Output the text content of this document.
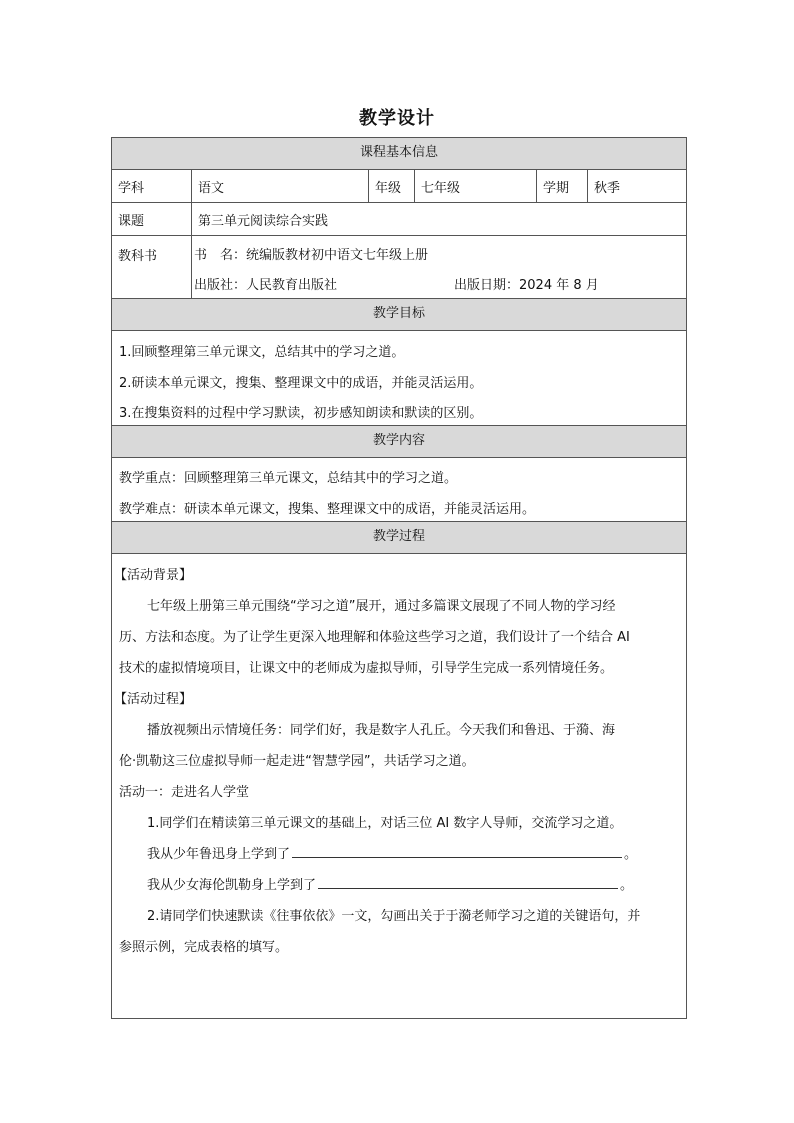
教学设计
课程基本信息
学科	语文	年级	七年级	学期	秋季
课题	第三单元阅读综合实践
教科书	书　名：统编版教材初中语文七年级上册
出版社：人民教育出版社	出版日期：2024 年 8 月
教学目标
1.回顾整理第三单元课文，总结其中的学习之道。
2.研读本单元课文，搜集、整理课文中的成语，并能灵活运用。
3.在搜集资料的过程中学习默读，初步感知朗读和默读的区别。
教学内容
教学重点：回顾整理第三单元课文，总结其中的学习之道。
教学难点：研读本单元课文，搜集、整理课文中的成语，并能灵活运用。
教学过程
【活动背景】
七年级上册第三单元围绕“学习之道”展开，通过多篇课文展现了不同人物的学习经
历、方法和态度。为了让学生更深入地理解和体验这些学习之道，我们设计了一个结合 AI
技术的虚拟情境项目，让课文中的老师成为虚拟导师，引导学生完成一系列情境任务。
【活动过程】
播放视频出示情境任务：同学们好，我是数字人孔丘。今天我们和鲁迅、于漪、海
伦·凯勒这三位虚拟导师一起走进“智慧学园”，共话学习之道。
活动一：走进名人学堂
1.同学们在精读第三单元课文的基础上，对话三位 AI 数字人导师，交流学习之道。
我从少年鲁迅身上学到了	。
我从少女海伦凯勒身上学到了	。
2.请同学们快速默读《往事依依》一文，勾画出关于于漪老师学习之道的关键语句，并
参照示例，完成表格的填写。
